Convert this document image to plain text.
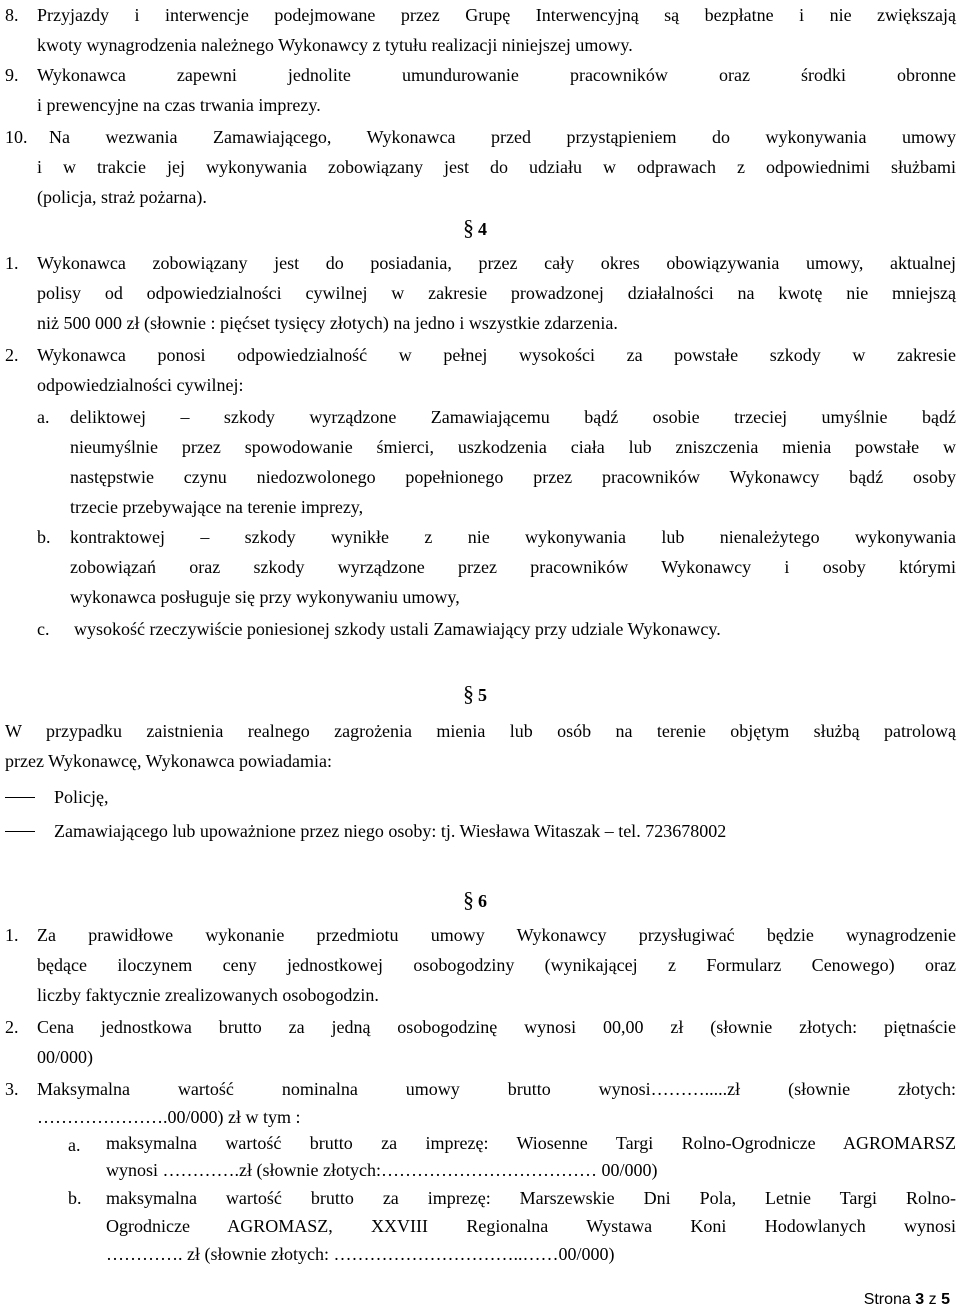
8. Przyjazdy i interwencje podejmowane przez Grupę Interwencyjną są bezpłatne i nie zwiększają
kwoty wynagrodzenia należnego Wykonawcy z tytułu realizacji niniejszej umowy.
9. Wykonawca zapewni jednolite umundurowanie pracowników oraz środki obronne
i prewencyjne na czas trwania imprezy.
10. Na wezwania Zamawiającego, Wykonawca przed przystąpieniem do wykonywania umowy
i w trakcie jej wykonywania zobowiązany jest do udziału w odprawach z odpowiednimi służbami
(policja, straż pożarna).
§ 4
1. Wykonawca zobowiązany jest do posiadania, przez cały okres obowiązywania umowy, aktualnej
polisy od odpowiedzialności cywilnej w zakresie prowadzonej działalności na kwotę nie mniejszą
niż 500 000 zł (słownie : pięćset tysięcy złotych) na jedno i wszystkie zdarzenia.
2. Wykonawca ponosi odpowiedzialność w pełnej wysokości za powstałe szkody w zakresie
odpowiedzialności cywilnej:
a. deliktowej – szkody wyrządzone Zamawiającemu bądź osobie trzeciej umyślnie bądź
nieumyślnie przez spowodowanie śmierci, uszkodzenia ciała lub zniszczenia mienia powstałe w
następstwie czynu niedozwolonego popełnionego przez pracowników Wykonawcy bądź osoby
trzecie przebywające na terenie imprezy,
b. kontraktowej – szkody wynikłe z nie wykonywania lub nienależytego wykonywania
zobowiązań oraz szkody wyrządzone przez pracowników Wykonawcy i osoby którymi
wykonawca posługuje się przy wykonywaniu umowy,
c. wysokość rzeczywiście poniesionej szkody ustali Zamawiający przy udziale Wykonawcy.
§ 5
W przypadku zaistnienia realnego zagrożenia mienia lub osób na terenie objętym służbą patrolową
przez Wykonawcę, Wykonawca powiadamia:
Policję,
Zamawiającego lub upoważnione przez niego osoby: tj. Wiesława Witaszak – tel. 723678002
§ 6
1. Za prawidłowe wykonanie przedmiotu umowy Wykonawcy przysługiwać będzie wynagrodzenie
będące iloczynem ceny jednostkowej osobogodziny (wynikającej z Formularz Cenowego) oraz
liczby faktycznie zrealizowanych osobogodzin.
2. Cena jednostkowa brutto za jedną osobogodzinę wynosi 00,00 zł (słownie złotych: piętnaście
00/000)
3. Maksymalna wartość nominalna umowy brutto wynosi……….....zł (słownie złotych:
………………….00/000) zł w tym :
a. maksymalna wartość brutto za imprezę: Wiosenne Targi Rolno-Ogrodnicze AGROMARSZ
wynosi ………….zł (słownie złotych:……………………………… 00/000)
b. maksymalna wartość brutto za imprezę: Marszewskie Dni Pola, Letnie Targi Rolno-
Ogrodnicze AGROMASZ, XXVIII Regionalna Wystawa Koni Hodowlanych wynosi
…………. zł (słownie złotych: …………………………..……00/000)
Strona 3 z 5
